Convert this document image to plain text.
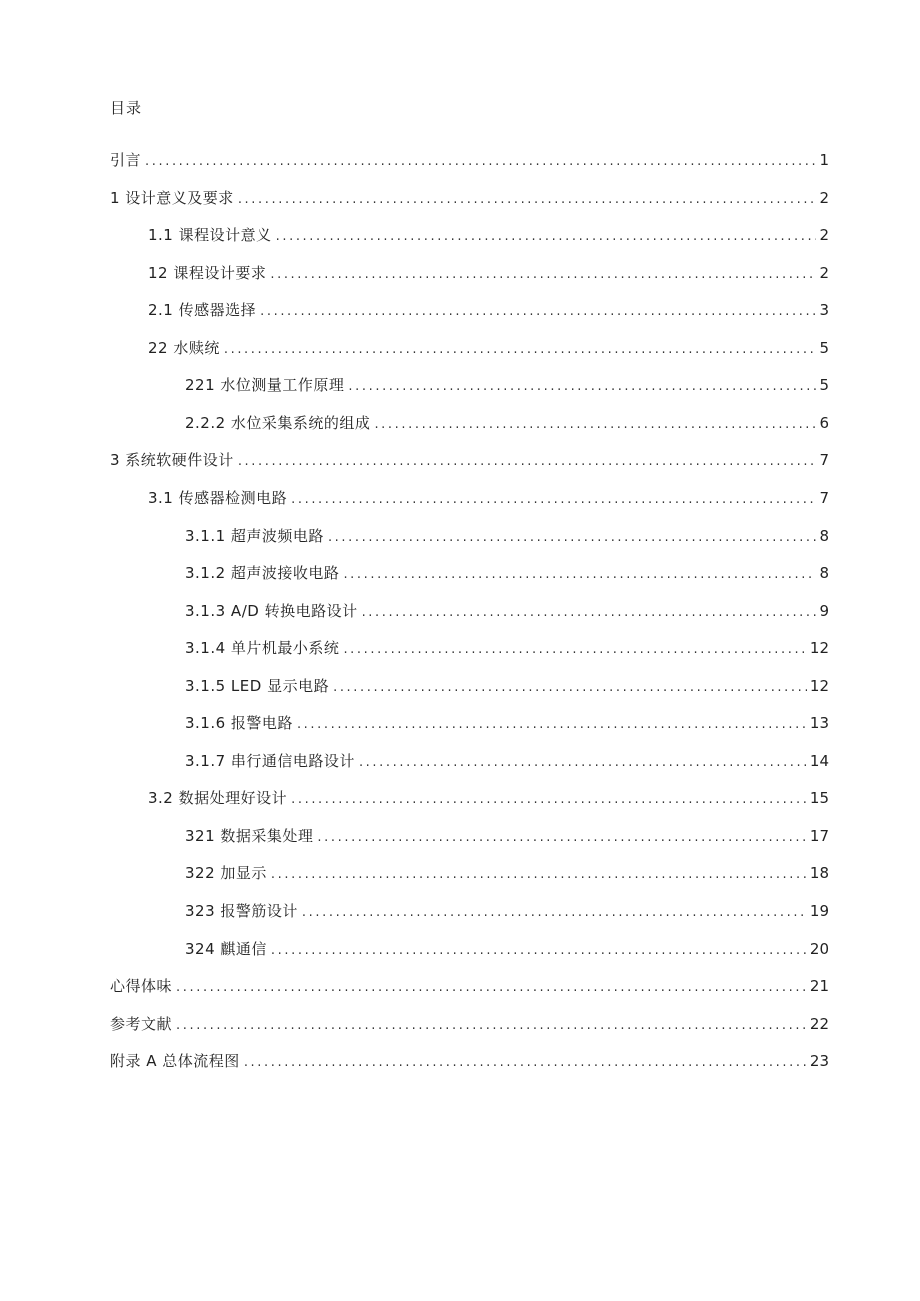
目录
引言 .....	1
1 设计意义及要求 .....	2
1.1 课程设计意义 .....	2
12 课程设计要求 .....	2
2.1 传感器选择 .....	3
22 水赎统 .....	5
221 水位测量工作原理 .....	5
2.2.2 水位采集系统的组成 .....	6
3 系统软硬件设计 .....	7
3.1 传感器检测电路 .....	7
3.1.1 超声波频电路 .....	8
3.1.2 超声波接收电路 .....	8
3.1.3 A/D 转换电路设计 .....	9
3.1.4 单片机最小系统 .....	12
3.1.5 LED 显示电路 .....	12
3.1.6 报警电路 .....	13
3.1.7 串行通信电路设计 .....	14
3.2 数据处理好设计 .....	15
321 数据采集处理 .....	17
322 加显示 .....	18
323 报警筋设计 .....	19
324 麒通信 .....	20
心得体味 .....	21
参考文献 .....	22
附录 A 总体流程图 .....	23
